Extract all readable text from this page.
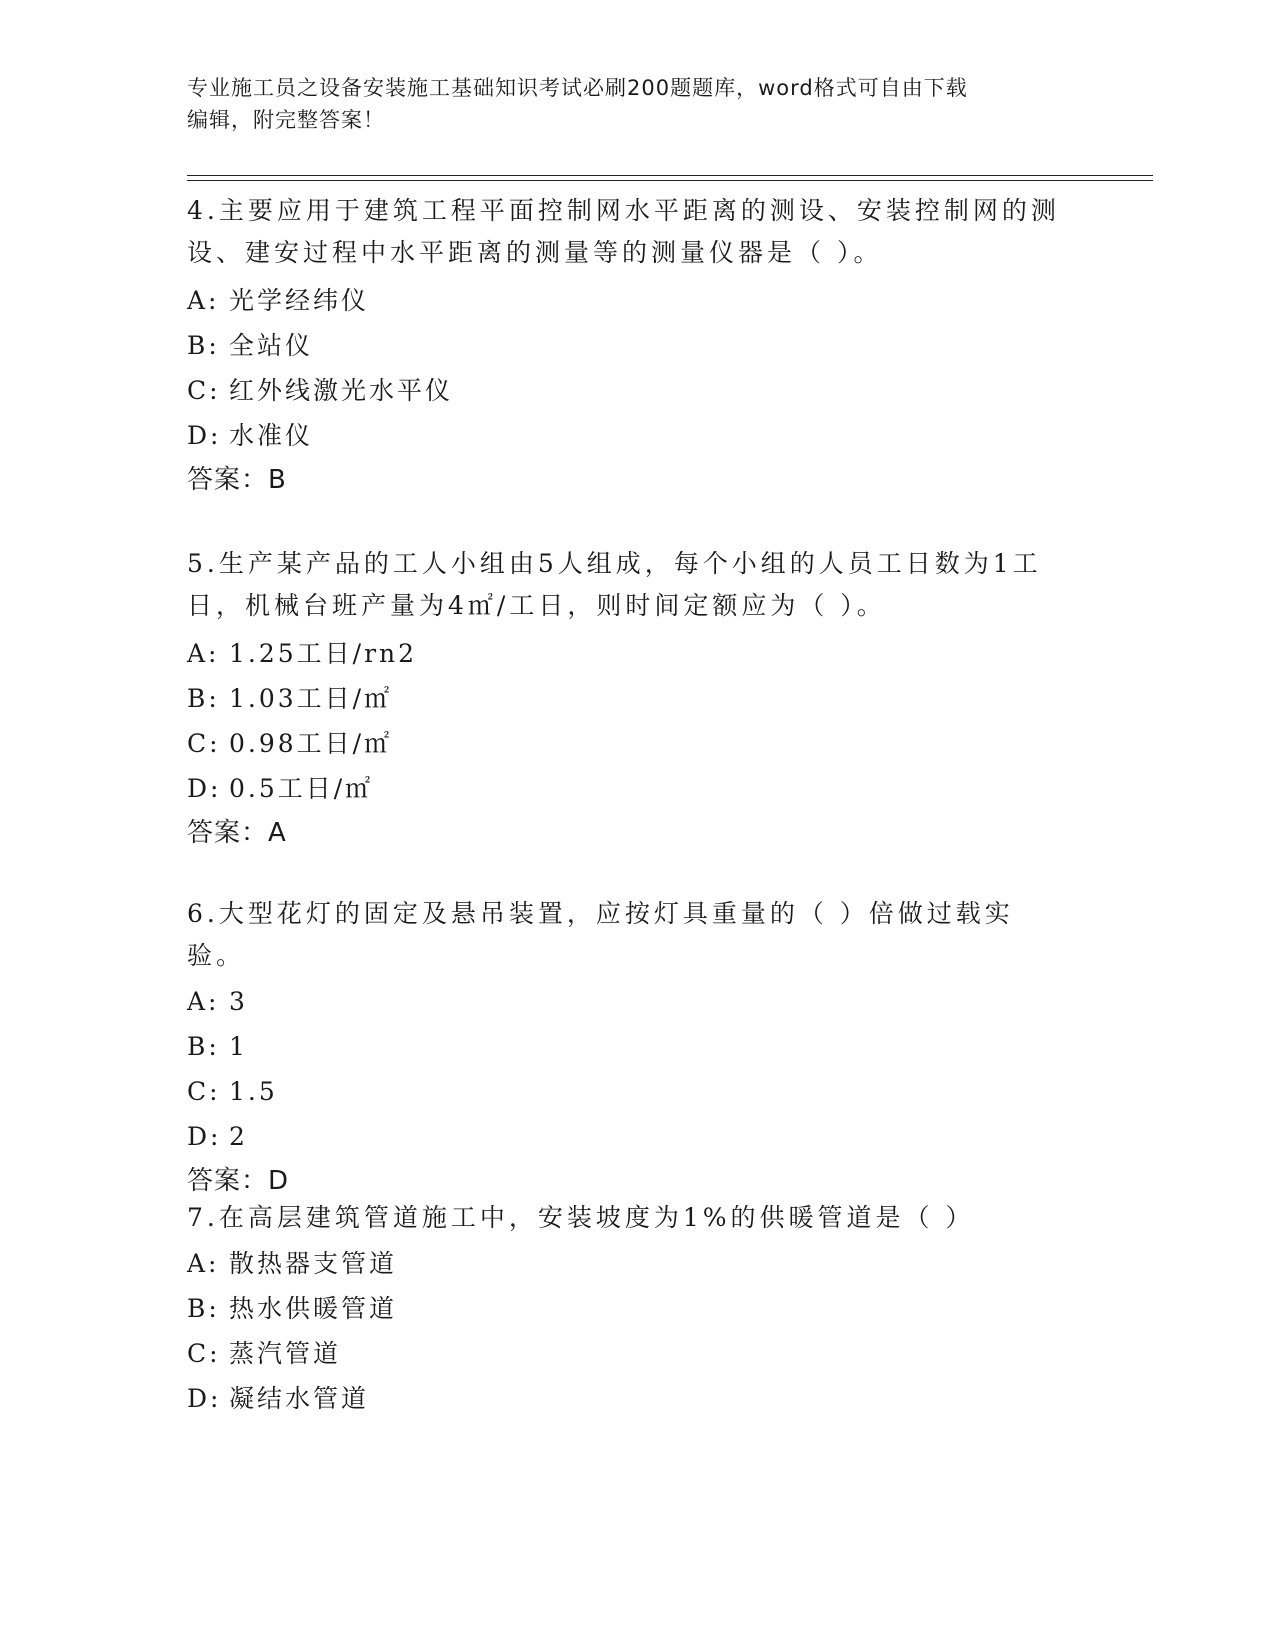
专业施工员之设备安装施工基础知识考试必刷200题题库，word格式可自由下载
编辑，附完整答案！

4.主要应用于建筑工程平面控制网水平距离的测设、安装控制网的测设、建安过程中水平距离的测量等的测量仪器是（ ）。

A: 光学经纬仪

B: 全站仪

C: 红外线激光水平仪

D: 水准仪

答案：B

5.生产某产品的工人小组由5人组成，每个小组的人员工日数为1工日，机械台班产量为4㎡/工日，则时间定额应为（ ）。

A: 1.25工日/rn2

B: 1.03工日/㎡

C: 0.98工日/㎡

D: 0.5工日/㎡

答案：A

6.大型花灯的固定及悬吊装置，应按灯具重量的（ ）倍做过载实验。

A: 3

B: 1

C: 1.5

D: 2

答案：D

7.在高层建筑管道施工中，安装坡度为1%的供暖管道是（ ）

A: 散热器支管道

B: 热水供暖管道

C: 蒸汽管道

D: 凝结水管道
